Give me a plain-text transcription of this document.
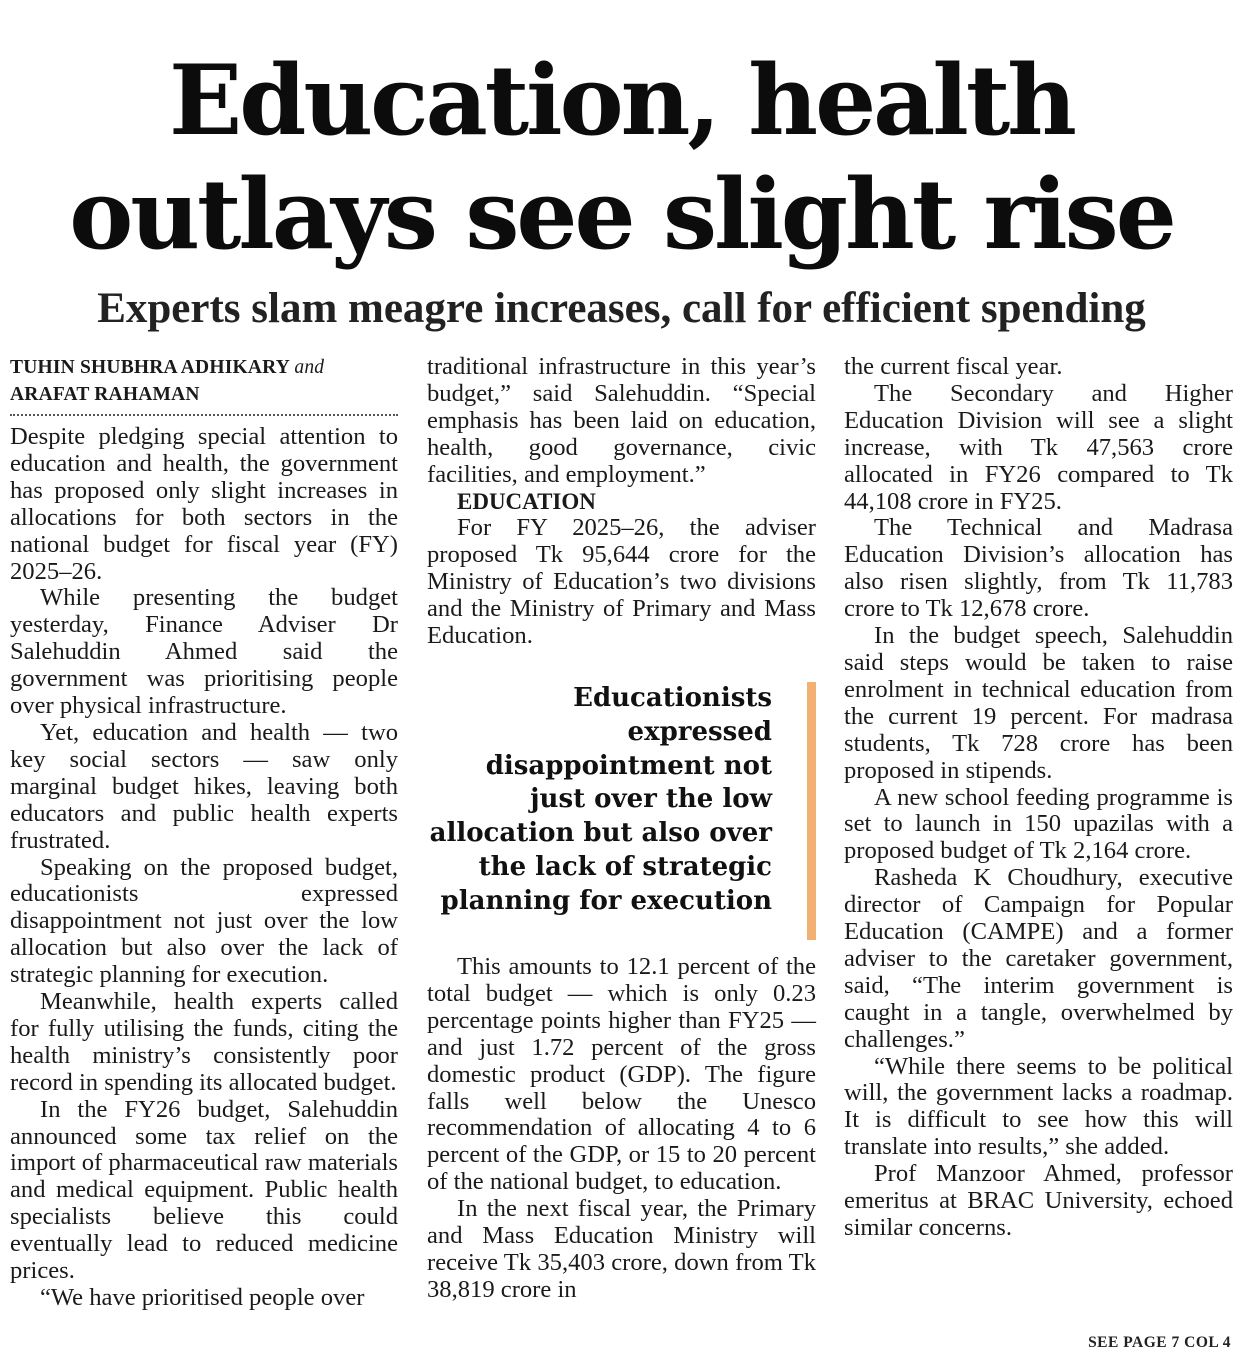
Education, health
outlays see slight rise
Experts slam meagre increases, call for efficient spending
TUHIN SHUBHRA ADHIKARY and
ARAFAT RAHAMAN

Despite pledging special attention to education and health, the government has proposed only slight increases in allocations for both sectors in the national budget for fiscal year (FY) 2025–26.

While presenting the budget yesterday, Finance Adviser Dr Salehuddin Ahmed said the government was prioritising people over physical infrastructure.

Yet, education and health — two key social sectors — saw only marginal budget hikes, leaving both educators and public health experts frustrated.

Speaking on the proposed budget, educationists expressed disappointment not just over the low allocation but also over the lack of strategic planning for execution.

Meanwhile, health experts called for fully utilising the funds, citing the health ministry’s consistently poor record in spending its allocated budget.

In the FY26 budget, Salehuddin announced some tax relief on the import of pharmaceutical raw materials and medical equipment. Public health specialists believe this could eventually lead to reduced medicine prices.

“We have prioritised people over

traditional infrastructure in this year’s budget,” said Salehuddin. “Special emphasis has been laid on education, health, good governance, civic facilities, and employment.”

EDUCATION

For FY 2025–26, the adviser proposed Tk 95,644 crore for the Ministry of Education’s two divisions and the Ministry of Primary and Mass Education.

Educationists expressed disappointment not just over the low allocation but also over the lack of strategic planning for execution

This amounts to 12.1 percent of the total budget — which is only 0.23 percentage points higher than FY25 — and just 1.72 percent of the gross domestic product (GDP). The figure falls well below the Unesco recommendation of allocating 4 to 6 percent of the GDP, or 15 to 20 percent of the national budget, to education.

In the next fiscal year, the Primary and Mass Education Ministry will receive Tk 35,403 crore, down from Tk 38,819 crore in

the current fiscal year.

The Secondary and Higher Education Division will see a slight increase, with Tk 47,563 crore allocated in FY26 compared to Tk 44,108 crore in FY25.

The Technical and Madrasa Education Division’s allocation has also risen slightly, from Tk 11,783 crore to Tk 12,678 crore.

In the budget speech, Salehuddin said steps would be taken to raise enrolment in technical education from the current 19 percent. For madrasa students, Tk 728 crore has been proposed in stipends.

A new school feeding programme is set to launch in 150 upazilas with a proposed budget of Tk 2,164 crore.

Rasheda K Choudhury, executive director of Campaign for Popular Education (CAMPE) and a former adviser to the caretaker government, said, “The interim government is caught in a tangle, overwhelmed by challenges.”

“While there seems to be political will, the government lacks a roadmap. It is difficult to see how this will translate into results,” she added.

Prof Manzoor Ahmed, professor emeritus at BRAC University, echoed similar concerns.

SEE PAGE 7 COL 4
